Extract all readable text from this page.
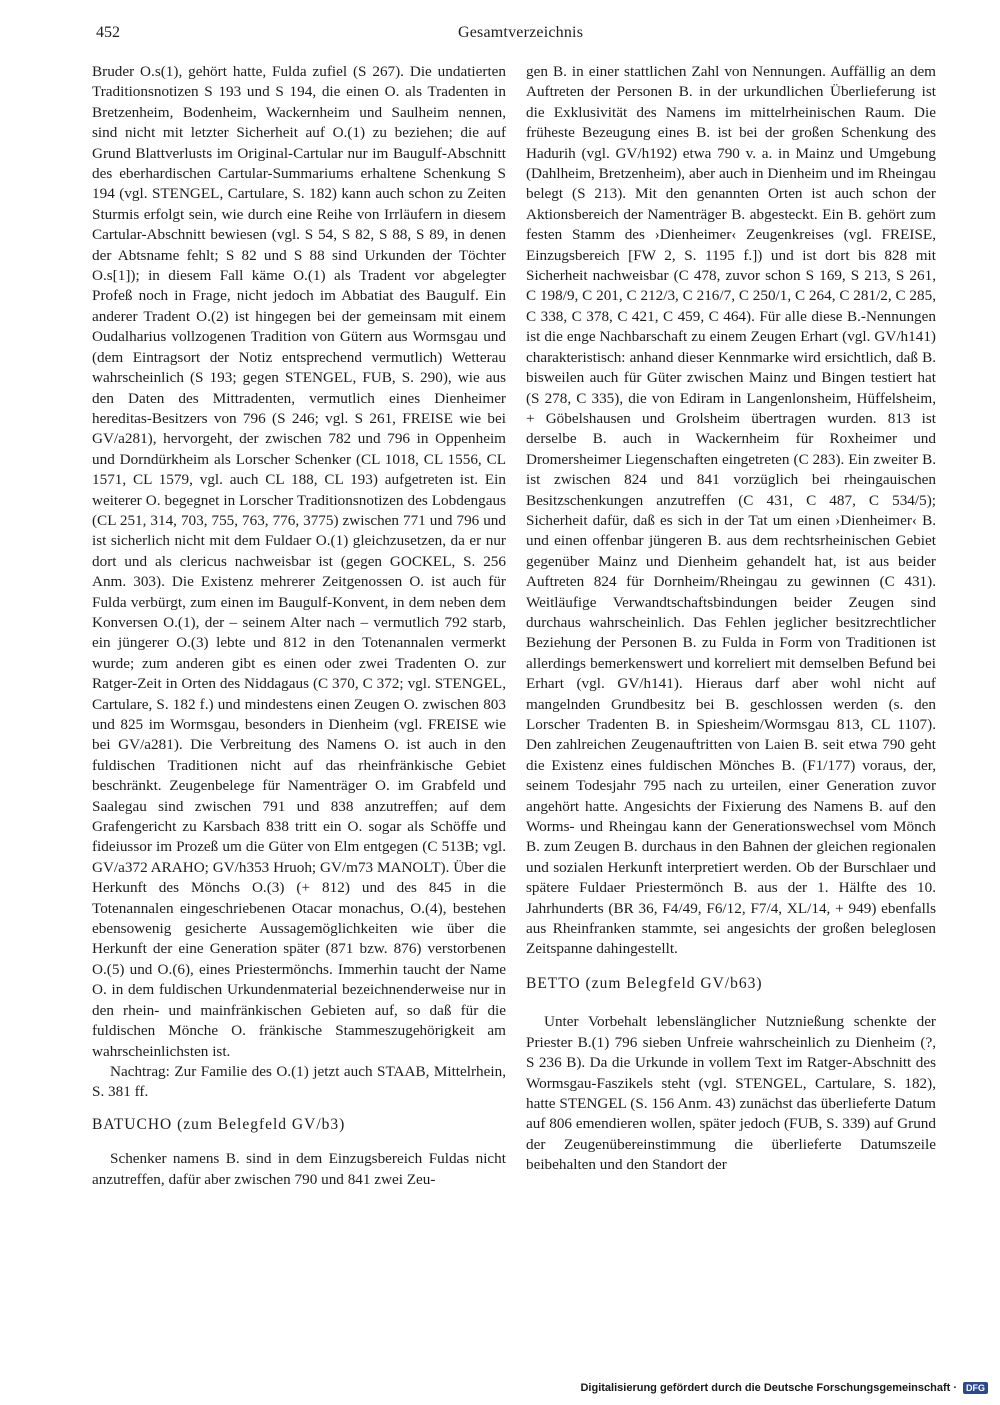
452	Gesamtverzeichnis

Bruder O.s(1), gehört hatte, Fulda zufiel (S 267). Die undatierten Traditionsnotizen S 193 und S 194, die einen O. als Tradenten in Bretzenheim, Bodenheim, Wackernheim und Saulheim nennen, sind nicht mit letzter Sicherheit auf O.(1) zu beziehen; die auf Grund Blattverlusts im Original-Cartular nur im Baugulf-Abschnitt des eberhardischen Cartular-Summariums erhaltene Schenkung S 194 (vgl. STENGEL, Cartulare, S. 182) kann auch schon zu Zeiten Sturmis erfolgt sein, wie durch eine Reihe von Irrläufern in diesem Cartular-Abschnitt bewiesen (vgl. S 54, S 82, S 88, S 89, in denen der Abtsname fehlt; S 82 und S 88 sind Urkunden der Töchter O.s[1]); in diesem Fall käme O.(1) als Tradent vor abgelegter Profeß noch in Frage, nicht jedoch im Abbatiat des Baugulf. Ein anderer Tradent O.(2) ist hingegen bei der gemeinsam mit einem Oudalharius vollzogenen Tradition von Gütern aus Wormsgau und (dem Eintragsort der Notiz entsprechend vermutlich) Wetterau wahrscheinlich (S 193; gegen STENGEL, FUB, S. 290), wie aus den Daten des Mittradenten, vermutlich eines Dienheimer hereditas-Besitzers von 796 (S 246; vgl. S 261, FREISE wie bei GV/a281), hervorgeht, der zwischen 782 und 796 in Oppenheim und Dorndürkheim als Lorscher Schenker (CL 1018, CL 1556, CL 1571, CL 1579, vgl. auch CL 188, CL 193) aufgetreten ist. Ein weiterer O. begegnet in Lorscher Traditionsnotizen des Lobdengaus (CL 251, 314, 703, 755, 763, 776, 3775) zwischen 771 und 796 und ist sicherlich nicht mit dem Fuldaer O.(1) gleichzusetzen, da er nur dort und als clericus nachweisbar ist (gegen GOCKEL, S. 256 Anm. 303). Die Existenz mehrerer Zeitgenossen O. ist auch für Fulda verbürgt, zum einen im Baugulf-Konvent, in dem neben dem Konversen O.(1), der – seinem Alter nach – vermutlich 792 starb, ein jüngerer O.(3) lebte und 812 in den Totenannalen vermerkt wurde; zum anderen gibt es einen oder zwei Tradenten O. zur Ratger-Zeit in Orten des Niddagaus (C 370, C 372; vgl. STENGEL, Cartulare, S. 182 f.) und mindestens einen Zeugen O. zwischen 803 und 825 im Wormsgau, besonders in Dienheim (vgl. FREISE wie bei GV/a281). Die Verbreitung des Namens O. ist auch in den fuldischen Traditionen nicht auf das rheinfränkische Gebiet beschränkt. Zeugenbelege für Namenträger O. im Grabfeld und Saalegau sind zwischen 791 und 838 anzutreffen; auf dem Grafengericht zu Karsbach 838 tritt ein O. sogar als Schöffe und fideiussor im Prozeß um die Güter von Elm entgegen (C 513B; vgl. GV/a372 ARAHO; GV/h353 Hruoh; GV/m73 MANOLT). Über die Herkunft des Mönchs O.(3) (+ 812) und des 845 in die Totenannalen eingeschriebenen Otacar monachus, O.(4), bestehen ebensowenig gesicherte Aussagemöglichkeiten wie über die Herkunft der eine Generation später (871 bzw. 876) verstorbenen O.(5) und O.(6), eines Priestermönchs. Immerhin taucht der Name O. in dem fuldischen Urkundenmaterial bezeichnenderweise nur in den rhein- und mainfränkischen Gebieten auf, so daß für die fuldischen Mönche O. fränkische Stammeszugehörigkeit am wahrscheinlichsten ist.

Nachtrag: Zur Familie des O.(1) jetzt auch STAAB, Mittelrhein, S. 381 ff.

BATUCHO (zum Belegfeld GV/b3)

Schenker namens B. sind in dem Einzugsbereich Fuldas nicht anzutreffen, dafür aber zwischen 790 und 841 zwei Zeu-

gen B. in einer stattlichen Zahl von Nennungen. Auffällig an dem Auftreten der Personen B. in der urkundlichen Überlieferung ist die Exklusivität des Namens im mittelrheinischen Raum. Die früheste Bezeugung eines B. ist bei der großen Schenkung des Hadurih (vgl. GV/h192) etwa 790 v. a. in Mainz und Umgebung (Dahlheim, Bretzenheim), aber auch in Dienheim und im Rheingau belegt (S 213). Mit den genannten Orten ist auch schon der Aktionsbereich der Namenträger B. abgesteckt. Ein B. gehört zum festen Stamm des ›Dienheimer‹ Zeugenkreises (vgl. FREISE, Einzugsbereich [FW 2, S. 1195 f.]) und ist dort bis 828 mit Sicherheit nachweisbar (C 478, zuvor schon S 169, S 213, S 261, C 198/9, C 201, C 212/3, C 216/7, C 250/1, C 264, C 281/2, C 285, C 338, C 378, C 421, C 459, C 464). Für alle diese B.-Nennungen ist die enge Nachbarschaft zu einem Zeugen Erhart (vgl. GV/h141) charakteristisch: anhand dieser Kennmarke wird ersichtlich, daß B. bisweilen auch für Güter zwischen Mainz und Bingen testiert hat (S 278, C 335), die von Ediram in Langenlonsheim, Hüffelsheim, + Göbelshausen und Grolsheim übertragen wurden. 813 ist derselbe B. auch in Wackernheim für Roxheimer und Dromersheimer Liegenschaften eingetreten (C 283). Ein zweiter B. ist zwischen 824 und 841 vorzüglich bei rheingauischen Besitzschenkungen anzutreffen (C 431, C 487, C 534/5); Sicherheit dafür, daß es sich in der Tat um einen ›Dienheimer‹ B. und einen offenbar jüngeren B. aus dem rechtsrheinischen Gebiet gegenüber Mainz und Dienheim gehandelt hat, ist aus beider Auftreten 824 für Dornheim/Rheingau zu gewinnen (C 431). Weitläufige Verwandtschaftsbindungen beider Zeugen sind durchaus wahrscheinlich. Das Fehlen jeglicher besitzrechtlicher Beziehung der Personen B. zu Fulda in Form von Traditionen ist allerdings bemerkenswert und korreliert mit demselben Befund bei Erhart (vgl. GV/h141). Hieraus darf aber wohl nicht auf mangelnden Grundbesitz bei B. geschlossen werden (s. den Lorscher Tradenten B. in Spiesheim/Wormsgau 813, CL 1107). Den zahlreichen Zeugenauftritten von Laien B. seit etwa 790 geht die Existenz eines fuldischen Mönches B. (F1/177) voraus, der, seinem Todesjahr 795 nach zu urteilen, einer Generation zuvor angehört hatte. Angesichts der Fixierung des Namens B. auf den Worms- und Rheingau kann der Generationswechsel vom Mönch B. zum Zeugen B. durchaus in den Bahnen der gleichen regionalen und sozialen Herkunft interpretiert werden. Ob der Burschlaer und spätere Fuldaer Priestermönch B. aus der 1. Hälfte des 10. Jahrhunderts (BR 36, F4/49, F6/12, F7/4, XL/14, + 949) ebenfalls aus Rheinfranken stammte, sei angesichts der großen beleglosen Zeitspanne dahingestellt.

BETTO (zum Belegfeld GV/b63)

Unter Vorbehalt lebenslänglicher Nutznießung schenkte der Priester B.(1) 796 sieben Unfreie wahrscheinlich zu Dienheim (?, S 236 B). Da die Urkunde in vollem Text im Ratger-Abschnitt des Wormsgau-Faszikels steht (vgl. STENGEL, Cartulare, S. 182), hatte STENGEL (S. 156 Anm. 43) zunächst das überlieferte Datum auf 806 emendieren wollen, später jedoch (FUB, S. 339) auf Grund der Zeugenübereinstimmung die überlieferte Datumszeile beibehalten und den Standort der

Digitalisierung gefördert durch die Deutsche Forschungsgemeinschaft ·	DFG
